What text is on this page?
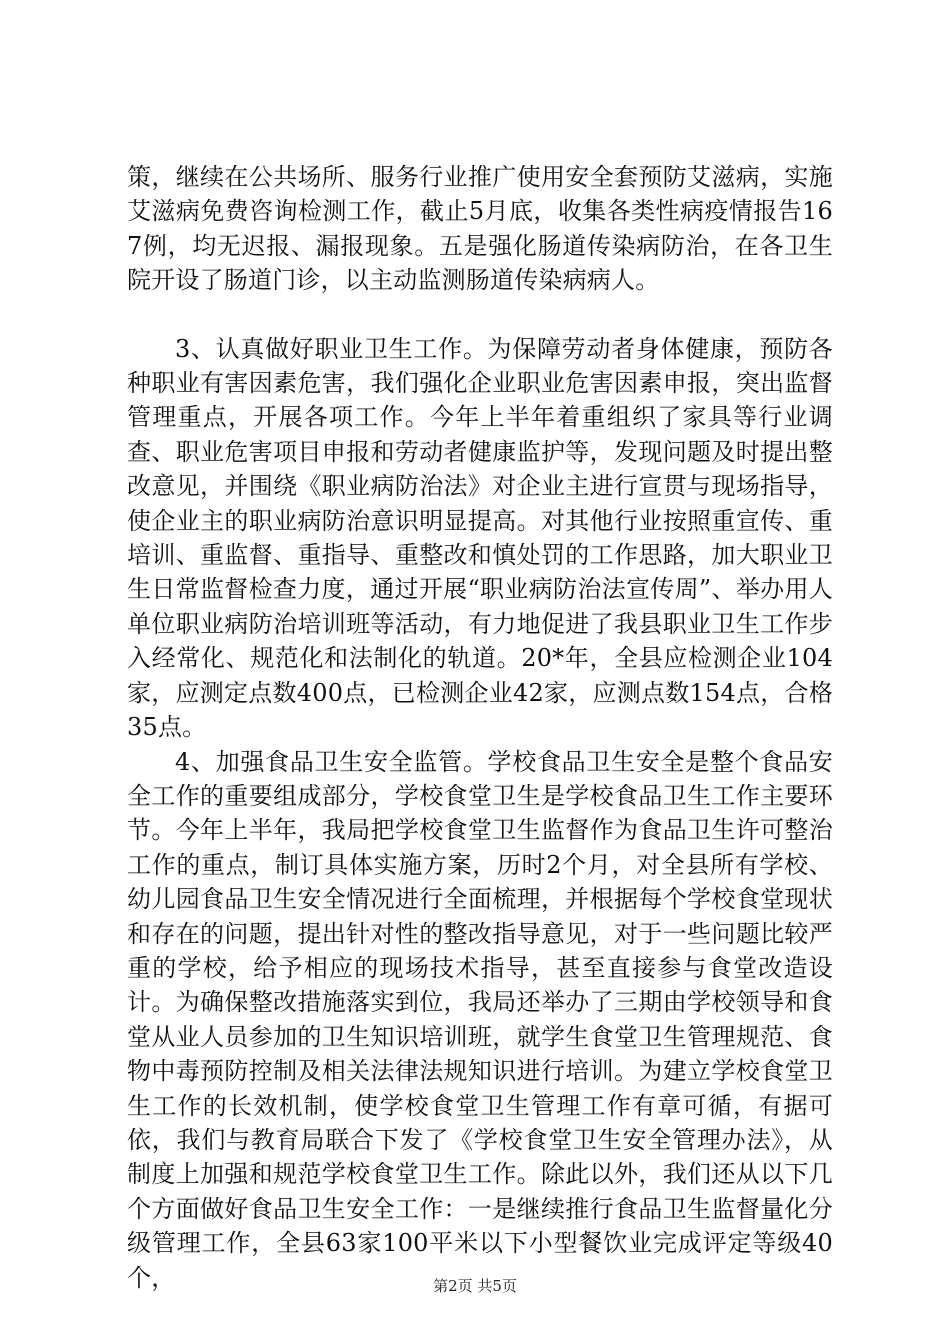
策，继续在公共场所、服务行业推广使用安全套预防艾滋病，实施艾滋病免费咨询检测工作，截止5月底，收集各类性病疫情报告167例，均无迟报、漏报现象。五是强化肠道传染病防治，在各卫生院开设了肠道门诊，以主动监测肠道传染病病人。

3、认真做好职业卫生工作。为保障劳动者身体健康，预防各种职业有害因素危害，我们强化企业职业危害因素申报，突出监督管理重点，开展各项工作。今年上半年着重组织了家具等行业调查、职业危害项目申报和劳动者健康监护等，发现问题及时提出整改意见，并围绕《职业病防治法》对企业主进行宣贯与现场指导，使企业主的职业病防治意识明显提高。对其他行业按照重宣传、重培训、重监督、重指导、重整改和慎处罚的工作思路，加大职业卫生日常监督检查力度，通过开展“职业病防治法宣传周”、举办用人单位职业病防治培训班等活动，有力地促进了我县职业卫生工作步入经常化、规范化和法制化的轨道。20*年，全县应检测企业104家，应测定点数400点，已检测企业42家，应测点数154点，合格35点。

4、加强食品卫生安全监管。学校食品卫生安全是整个食品安全工作的重要组成部分，学校食堂卫生是学校食品卫生工作主要环节。今年上半年，我局把学校食堂卫生监督作为食品卫生许可整治工作的重点，制订具体实施方案，历时2个月，对全县所有学校、幼儿园食品卫生安全情况进行全面梳理，并根据每个学校食堂现状和存在的问题，提出针对性的整改指导意见，对于一些问题比较严重的学校，给予相应的现场技术指导，甚至直接参与食堂改造设计。为确保整改措施落实到位，我局还举办了三期由学校领导和食堂从业人员参加的卫生知识培训班，就学生食堂卫生管理规范、食物中毒预防控制及相关法律法规知识进行培训。为建立学校食堂卫生工作的长效机制，使学校食堂卫生管理工作有章可循，有据可依，我们与教育局联合下发了《学校食堂卫生安全管理办法》，从制度上加强和规范学校食堂卫生工作。除此以外，我们还从以下几个方面做好食品卫生安全工作：一是继续推行食品卫生监督量化分级管理工作，全县63家100平米以下小型餐饮业完成评定等级40个，	第2页 共5页
